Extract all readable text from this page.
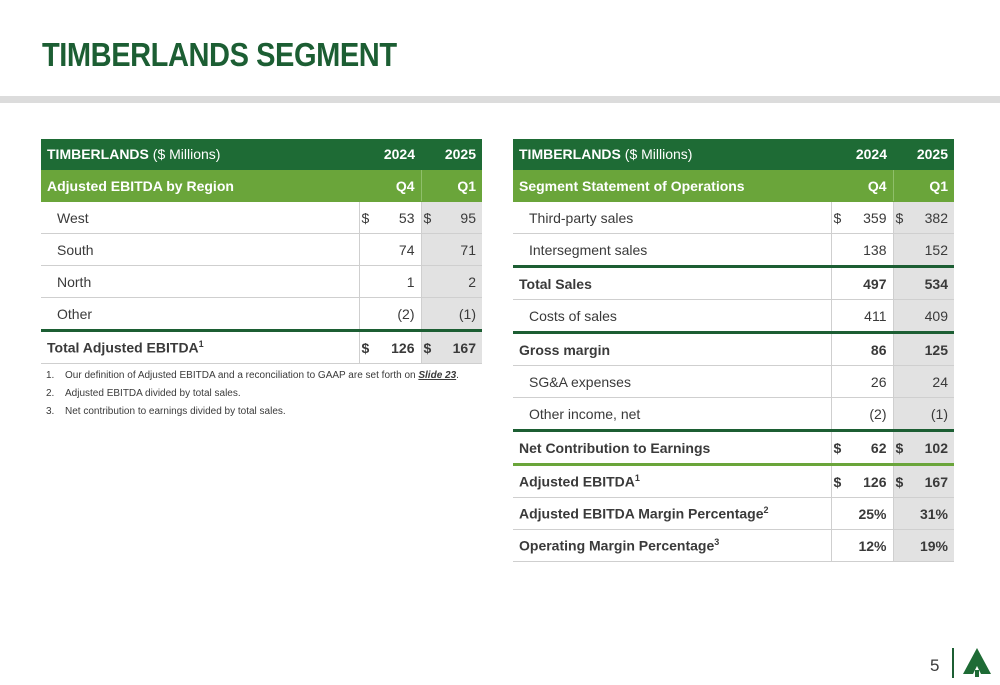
TIMBERLANDS SEGMENT
TIMBERLANDS ($ Millions)		2024		2025
Adjusted EBITDA by Region		Q4		Q1
West	$	53	$	95
South		74		71
North		1		2
Other		(2)		(1)
Total Adjusted EBITDA$^1$	$	126	$	167
1. Our definition of Adjusted EBITDA and a reconciliation to GAAP are set forth on Slide 23.
2. Adjusted EBITDA divided by total sales.
3. Net contribution to earnings divided by total sales.
TIMBERLANDS ($ Millions)		2024		2025
Segment Statement of Operations		Q4		Q1
Third-party sales	$	359	$	382
Intersegment sales		138		152
Total Sales		497		534
Costs of sales		411		409
Gross margin		86		125
SG&A expenses		26		24
Other income, net		(2)		(1)
Net Contribution to Earnings	$	62	$	102
Adjusted EBITDA$^1$	$	126	$	167
Adjusted EBITDA Margin Percentage$^2$		25%		31%
Operating Margin Percentage$^3$		12%		19%
5
